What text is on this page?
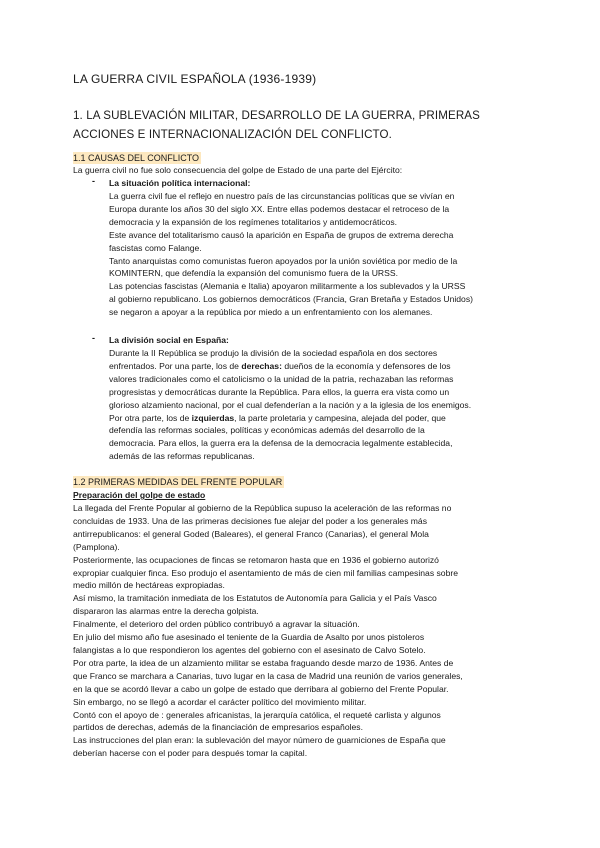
LA GUERRA CIVIL ESPAÑOLA (1936-1939)
1. LA SUBLEVACIÓN MILITAR, DESARROLLO DE LA GUERRA, PRIMERAS ACCIONES E INTERNACIONALIZACIÓN DEL CONFLICTO.
1.1 CAUSAS DEL CONFLICTO
La guerra civil no fue solo consecuencia del golpe de Estado de una parte del Ejército:
- La situación política internacional:
La guerra civil fue el reflejo en nuestro país de las circunstancias políticas que se vivían en
Europa durante los años 30 del siglo XX. Entre ellas podemos destacar el retroceso de la
democracia y la expansión de los regímenes totalitarios y antidemocráticos.
Este avance del totalitarismo causó la aparición en España de grupos de extrema derecha
fascistas como Falange.
Tanto anarquistas como comunistas fueron apoyados por la unión soviética por medio de la
KOMINTERN, que defendía la expansión del comunismo fuera de la URSS.
Las potencias fascistas (Alemania e Italia) apoyaron militarmente a los sublevados y la URSS
al gobierno republicano. Los gobiernos democráticos (Francia, Gran Bretaña y Estados Unidos)
se negaron a apoyar a la república por miedo a un enfrentamiento con los alemanes.
- La división social en España:
Durante la II República se produjo la división de la sociedad española en dos sectores
enfrentados. Por una parte, los de derechas: dueños de la economía y defensores de los
valores tradicionales como el catolicismo o la unidad de la patria, rechazaban las reformas
progresistas y democráticas durante la República. Para ellos, la guerra era vista como un
glorioso alzamiento nacional, por el cual defenderían a la nación y a la iglesia de los enemigos.
Por otra parte, los de izquierdas, la parte proletaria y campesina, alejada del poder, que
defendía las reformas sociales, políticas y económicas además del desarrollo de la
democracia. Para ellos, la guerra era la defensa de la democracia legalmente establecida,
además de las reformas republicanas.
1.2 PRIMERAS MEDIDAS DEL FRENTE POPULAR
Preparación del golpe de estado
La llegada del Frente Popular al gobierno de la República supuso la aceleración de las reformas no
concluidas de 1933. Una de las primeras decisiones fue alejar del poder a los generales más
antirrepublicanos: el general Goded (Baleares), el general Franco (Canarias), el general Mola
(Pamplona).
Posteriormente, las ocupaciones de fincas se retomaron hasta que en 1936 el gobierno autorizó
expropiar cualquier finca. Eso produjo el asentamiento de más de cien mil familias campesinas sobre
medio millón de hectáreas expropiadas.
Así mismo, la tramitación inmediata de los Estatutos de Autonomía para Galicia y el País Vasco
dispararon las alarmas entre la derecha golpista.
Finalmente, el deterioro del orden público contribuyó a agravar la situación.
En julio del mismo año fue asesinado el teniente de la Guardia de Asalto por unos pistoleros
falangistas a lo que respondieron los agentes del gobierno con el asesinato de Calvo Sotelo.
Por otra parte, la idea de un alzamiento militar se estaba fraguando desde marzo de 1936. Antes de
que Franco se marchara a Canarias, tuvo lugar en la casa de Madrid una reunión de varios generales,
en la que se acordó llevar a cabo un golpe de estado que derribara al gobierno del Frente Popular.
Sin embargo, no se llegó a acordar el carácter político del movimiento militar.
Contó con el apoyo de : generales africanistas, la jerarquía católica, el requeté carlista y algunos
partidos de derechas, además de la financiación de empresarios españoles.
Las instrucciones del plan eran: la sublevación del mayor número de guarniciones de España que
deberían hacerse con el poder para después tomar la capital.
